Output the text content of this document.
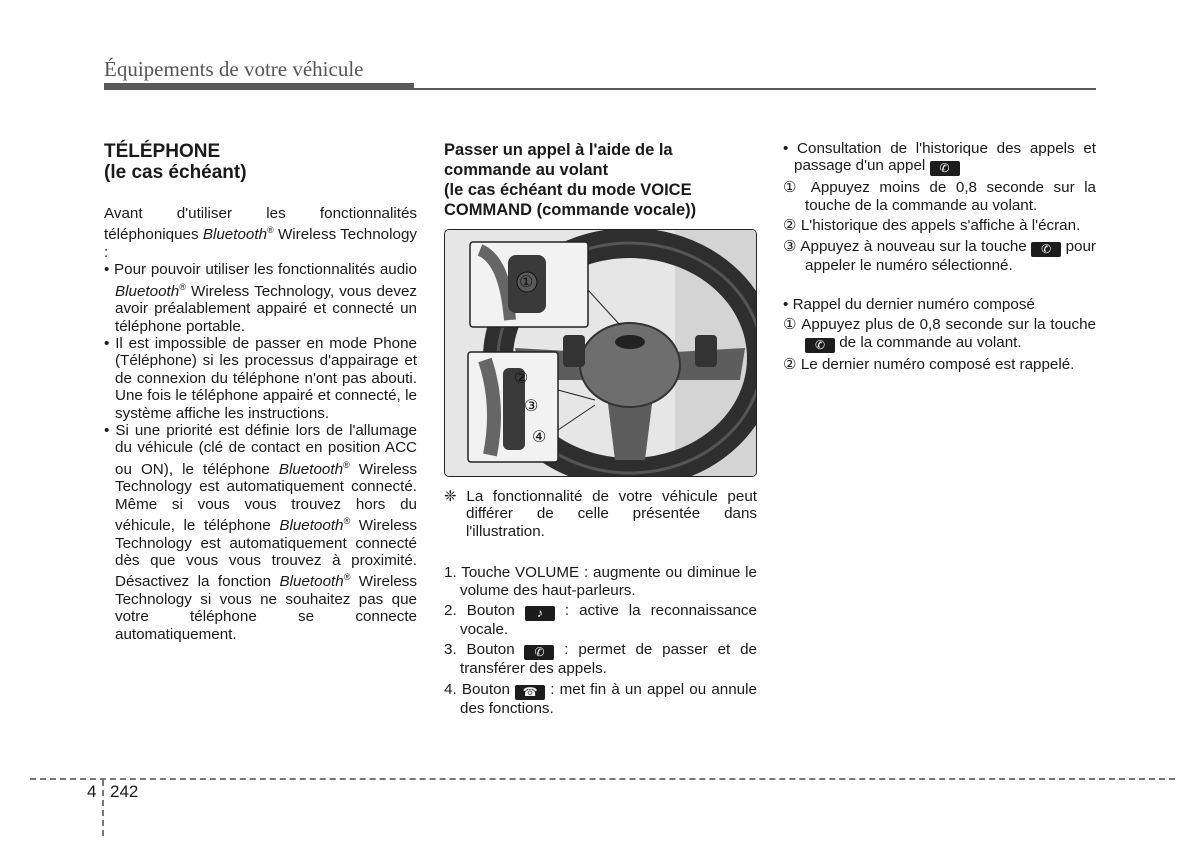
Équipements de votre véhicule
TÉLÉPHONE
(le cas échéant)

Avant d'utiliser les fonctionnalités téléphoniques Bluetooth® Wireless Technology :

• Pour pouvoir utiliser les fonctionnalités audio Bluetooth® Wireless Technology, vous devez avoir préalablement appairé et connecté un téléphone portable.

• Il est impossible de passer en mode Phone (Téléphone) si les processus d'appairage et de connexion du téléphone n'ont pas abouti. Une fois le téléphone appairé et connecté, le système affiche les instructions.

• Si une priorité est définie lors de l'allumage du véhicule (clé de contact en position ACC ou ON), le téléphone Bluetooth® Wireless Technology est automatiquement connecté. Même si vous vous trouvez hors du véhicule, le téléphone Bluetooth® Wireless Technology est automatiquement connecté dès que vous vous trouvez à proximité. Désactivez la fonction Bluetooth® Wireless Technology si vous ne souhaitez pas que votre téléphone se connecte automatiquement.

Passer un appel à l'aide de la
commande au volant
(le cas échéant du mode VOICE
COMMAND (commande vocale))
①
②
③
④

❈ La fonctionnalité de votre véhicule peut différer de celle présentée dans l'illustration.

1. Touche VOLUME : augmente ou diminue le volume des haut-parleurs.

2. Bouton ♪ : active la reconnaissance vocale.

3. Bouton ✆ : permet de passer et de transférer des appels.

4. Bouton ☎ : met fin à un appel ou annule des fonctions.

• Consultation de l'historique des appels et passage d'un appel ✆

① Appuyez moins de 0,8 seconde sur la touche de la commande au volant.

② L'historique des appels s'affiche à l'écran.

③ Appuyez à nouveau sur la touche ✆ pour appeler le numéro sélectionné.

• Rappel du dernier numéro composé

① Appuyez plus de 0,8 seconde sur la touche ✆ de la commande au volant.

② Le dernier numéro composé est rappelé.

4 242
